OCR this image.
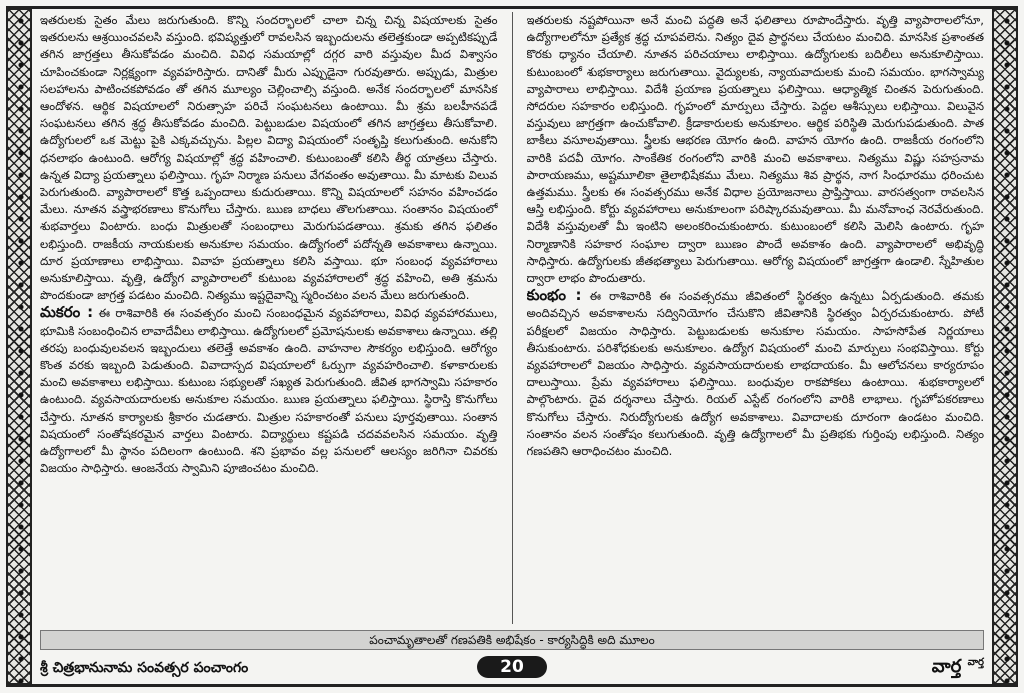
ఇతరులకు సైతం మేలు జరుగుతుంది. కొన్ని సందర్భాలలో చాలా చిన్న చిన్న విషయాలకు సైతం ఇతరులను ఆశ్రయించవలసి వస్తుంది. భవిష్యత్తులో రావలసిన ఇబ్బందులను తలెత్తకుండా అప్పటికప్పుడే తగిన జాగ్రత్తలు తీసుకోవడం మంచిది. వివిధ సమయాల్లో దగ్గర వారి వస్తువుల మీద విశ్వాసం చూపించకుండా నిర్లక్ష్యంగా వ్యవహరిస్తారు. దానితో మీరు ఎప్పుడైనా గురవుతారు. అప్పుడు, మిత్రుల సలహాలను పాటించకపోవడం తో తగిన మూల్యం చెల్లించాల్సి వస్తుంది. అనేక సందర్భాలలో మానసిక ఆందోళన. ఆర్థిక విషయాలలో నిరుత్సాహ పరిచే సంఘటనలు ఉంటాయి. మీ శ్రమ బలహీనపడే సంఘటనలు తగిన శ్రద్ధ తీసుకోవడం మంచిది. పెట్టుబడుల విషయంలో తగిన జాగ్రత్తలు తీసుకోవాలి. ఉద్యోగులలో ఒక మెట్టు పైకి ఎక్కవచ్చును. పిల్లల విద్యా విషయంలో సంతృప్తి కలుగుతుంది. అనుకోని ధనలాభం ఉంటుంది. ఆరోగ్య విషయాల్లో శ్రద్ధ వహించాలి. కుటుంబంతో కలిసి తీర్థ యాత్రలు చేస్తారు. ఉన్నత విద్యా ప్రయత్నాలు ఫలిస్తాయి. గృహ నిర్మాణ పనులు వేగవంతం అవుతాయి. మీ మాటకు విలువ పెరుగుతుంది. వ్యాపారాలలో కొత్త ఒప్పందాలు కుదురుతాయి. కొన్ని విషయాలలో సహనం వహించడం మేలు. నూతన వస్త్రాభరణాలు కొనుగోలు చేస్తారు. ఋణ బాధలు తొలగుతాయి. సంతానం విషయంలో శుభవార్తలు వింటారు. బంధు మిత్రులతో సంబంధాలు మెరుగుపడతాయి. శ్రమకు తగిన ఫలితం లభిస్తుంది. రాజకీయ నాయకులకు అనుకూల సమయం. ఉద్యోగంలో పదోన్నతి అవకాశాలు ఉన్నాయి. దూర ప్రయాణాలు లాభిస్తాయి. వివాహ ప్రయత్నాలు కలిసి వస్తాయి. భూ సంబంధ వ్యవహారాలు అనుకూలిస్తాయి. వృత్తి, ఉద్యోగ వ్యాపారాలలో కుటుంబ వ్యవహారాలలో శ్రద్ధ వహించి, అతి శ్రమను పొందకుండా జాగ్రత్త పడటం మంచిది. నిత్యము ఇష్టదైవాన్ని స్మరించటం వలన మేలు జరుగుతుంది.

మకరం : ఈ రాశివారికి ఈ సంవత్సరం మంచి సంబంధమైన వ్యవహారాలు, వివిధ వ్యవహారములు, భూమికి సంబంధించిన లావాదేవీలు లాభిస్తాయి. ఉద్యోగులలో ప్రమోషనులకు అవకాశాలు ఉన్నాయి. తల్లి తరపు బంధువులవలన ఇబ్బందులు తలెత్తే అవకాశం ఉంది. వాహనాల సౌకర్యం లభిస్తుంది. ఆరోగ్యం కొంత వరకు ఇబ్బంది పెడుతుంది. వివాదాస్పద విషయాలలో ఓర్పుగా వ్యవహరించాలి. కళాకారులకు మంచి అవకాశాలు లభిస్తాయి. కుటుంబ సభ్యులతో సఖ్యత పెరుగుతుంది. జీవిత భాగస్వామి సహకారం ఉంటుంది. వ్యవసాయదారులకు అనుకూల సమయం. ఋణ ప్రయత్నాలు ఫలిస్తాయి. స్థిరాస్తి కొనుగోలు చేస్తారు. నూతన కార్యాలకు శ్రీకారం చుడతారు. మిత్రుల సహకారంతో పనులు పూర్తవుతాయి. సంతాన విషయంలో సంతోషకరమైన వార్తలు వింటారు. విద్యార్థులు కష్టపడి చదవవలసిన సమయం. వృత్తి ఉద్యోగాలలో మీ స్థానం పదిలంగా ఉంటుంది. శని ప్రభావం వల్ల పనులలో ఆలస్యం జరిగినా చివరకు విజయం సాధిస్తారు. ఆంజనేయ స్వామిని పూజించటం మంచిది.

ఇతరులకు నష్టపోయినా అనే మంచి పద్ధతి అనే ఫలితాలు రూపొందేస్తారు. వృత్తి వ్యాపారాలలోనూ, ఉద్యోగాలలోనూ ప్రత్యేక శ్రద్ధ చూపవలెను. నిత్యం దైవ ప్రార్థనలు చేయటం మంచిది. మానసిక ప్రశాంతత కొరకు ధ్యానం చేయాలి. నూతన పరిచయాలు లాభిస్తాయి. ఉద్యోగులకు బదిలీలు అనుకూలిస్తాయి. కుటుంబంలో శుభకార్యాలు జరుగుతాయి. వైద్యులకు, న్యాయవాదులకు మంచి సమయం. భాగస్వామ్య వ్యాపారాలు లాభిస్తాయి. విదేశీ ప్రయాణ ప్రయత్నాలు ఫలిస్తాయి. ఆధ్యాత్మిక చింతన పెరుగుతుంది. సోదరుల సహకారం లభిస్తుంది. గృహంలో మార్పులు చేస్తారు. పెద్దల ఆశీస్సులు లభిస్తాయి. విలువైన వస్తువులు జాగ్రత్తగా ఉంచుకోవాలి. క్రీడాకారులకు అనుకూలం. ఆర్థిక పరిస్థితి మెరుగుపడుతుంది. పాత బాకీలు వసూలవుతాయి. స్త్రీలకు ఆభరణ యోగం ఉంది. వాహన యోగం ఉంది. రాజకీయ రంగంలోని వారికి పదవీ యోగం. సాంకేతిక రంగంలోని వారికి మంచి అవకాశాలు. నిత్యము విష్ణు సహస్రనామ పారాయణము, అష్టమూలికా తైలాభిషేకము మేలు. నిత్యము శివ ప్రార్థన, నాగ సింధూరము ధరించుట ఉత్తమము. స్త్రీలకు ఈ సంవత్సరము అనేక విధాల ప్రయోజనాలు ప్రాప్తిస్తాయి. వారసత్వంగా రావలసిన ఆస్తి లభిస్తుంది. కోర్టు వ్యవహారాలు అనుకూలంగా పరిష్కారమవుతాయి. మీ మనోవాంఛ నెరవేరుతుంది. విదేశీ వస్తువులతో మీ ఇంటిని అలంకరించుకుంటారు. కుటుంబంలో కలిసి మెలిసి ఉంటారు. గృహ నిర్మాణానికి సహకార సంఘాల ద్వారా ఋణం పొందే అవకాశం ఉంది. వ్యాపారాలలో అభివృద్ధి సాధిస్తారు. ఉద్యోగులకు జీతభత్యాలు పెరుగుతాయి. ఆరోగ్య విషయంలో జాగ్రత్తగా ఉండాలి. స్నేహితుల ద్వారా లాభం పొందుతారు.

కుంభం : ఈ రాశివారికి ఈ సంవత్సరము జీవితంలో స్థిరత్వం ఉన్నటు ఏర్పడుతుంది. తమకు అందివచ్చిన అవకాశాలను సద్వినియోగం చేసుకొని జీవితానికి స్థిరత్వం ఏర్పరచుకుంటారు. పోటీ పరీక్షలలో విజయం సాధిస్తారు. పెట్టుబడులకు అనుకూల సమయం. సాహసోపేత నిర్ణయాలు తీసుకుంటారు. పరిశోధకులకు అనుకూలం. ఉద్యోగ విషయంలో మంచి మార్పులు సంభవిస్తాయి. కోర్టు వ్యవహారాలలో విజయం సాధిస్తారు. వ్యవసాయదారులకు లాభదాయకం. మీ ఆలోచనలు కార్యరూపం దాలుస్తాయి. ప్రేమ వ్యవహారాలు ఫలిస్తాయి. బంధువుల రాకపోకలు ఉంటాయి. శుభకార్యాలలో పాల్గొంటారు. దైవ దర్శనాలు చేస్తారు. రియల్ ఎస్టేట్ రంగంలోని వారికి లాభాలు. గృహోపకరణాలు కొనుగోలు చేస్తారు. నిరుద్యోగులకు ఉద్యోగ అవకాశాలు. వివాదాలకు దూరంగా ఉండటం మంచిది. సంతానం వలన సంతోషం కలుగుతుంది. వృత్తి ఉద్యోగాలలో మీ ప్రతిభకు గుర్తింపు లభిస్తుంది. నిత్యం గణపతిని ఆరాధించటం మంచిది.

పంచామృతాలతో గణపతికి అభిషేకం - కార్యసిద్ధికి అది మూలం
శ్రీ చిత్రభానునామ సంవత్సర పంచాంగం	20	వార్త $^{వార్త}$
